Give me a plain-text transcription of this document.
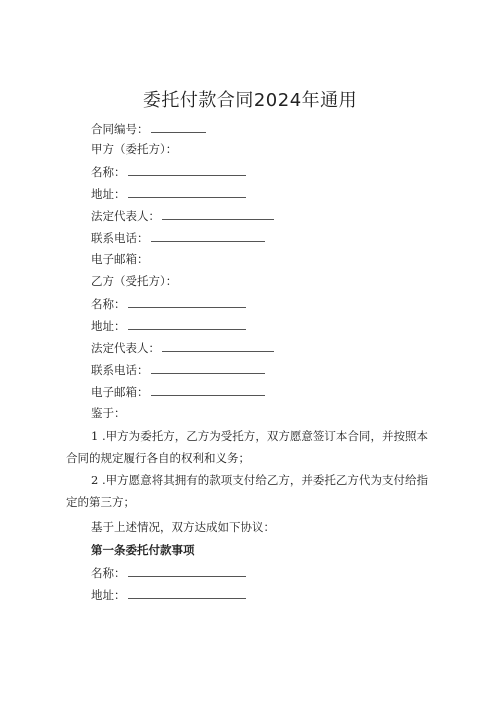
委托付款合同2024年通用
合同编号：
甲方（委托方）：
名称：
地址：
法定代表人：
联系电话：
电子邮箱：
乙方（受托方）：
名称：
地址：
法定代表人：
联系电话：
电子邮箱：
鉴于：
1 .甲方为委托方，乙方为受托方，双方愿意签订本合同，并按照本合同的规定履行各自的权利和义务；
2 .甲方愿意将其拥有的款项支付给乙方，并委托乙方代为支付给指定的第三方；
基于上述情况，双方达成如下协议：
第一条委托付款事项
名称：
地址：
